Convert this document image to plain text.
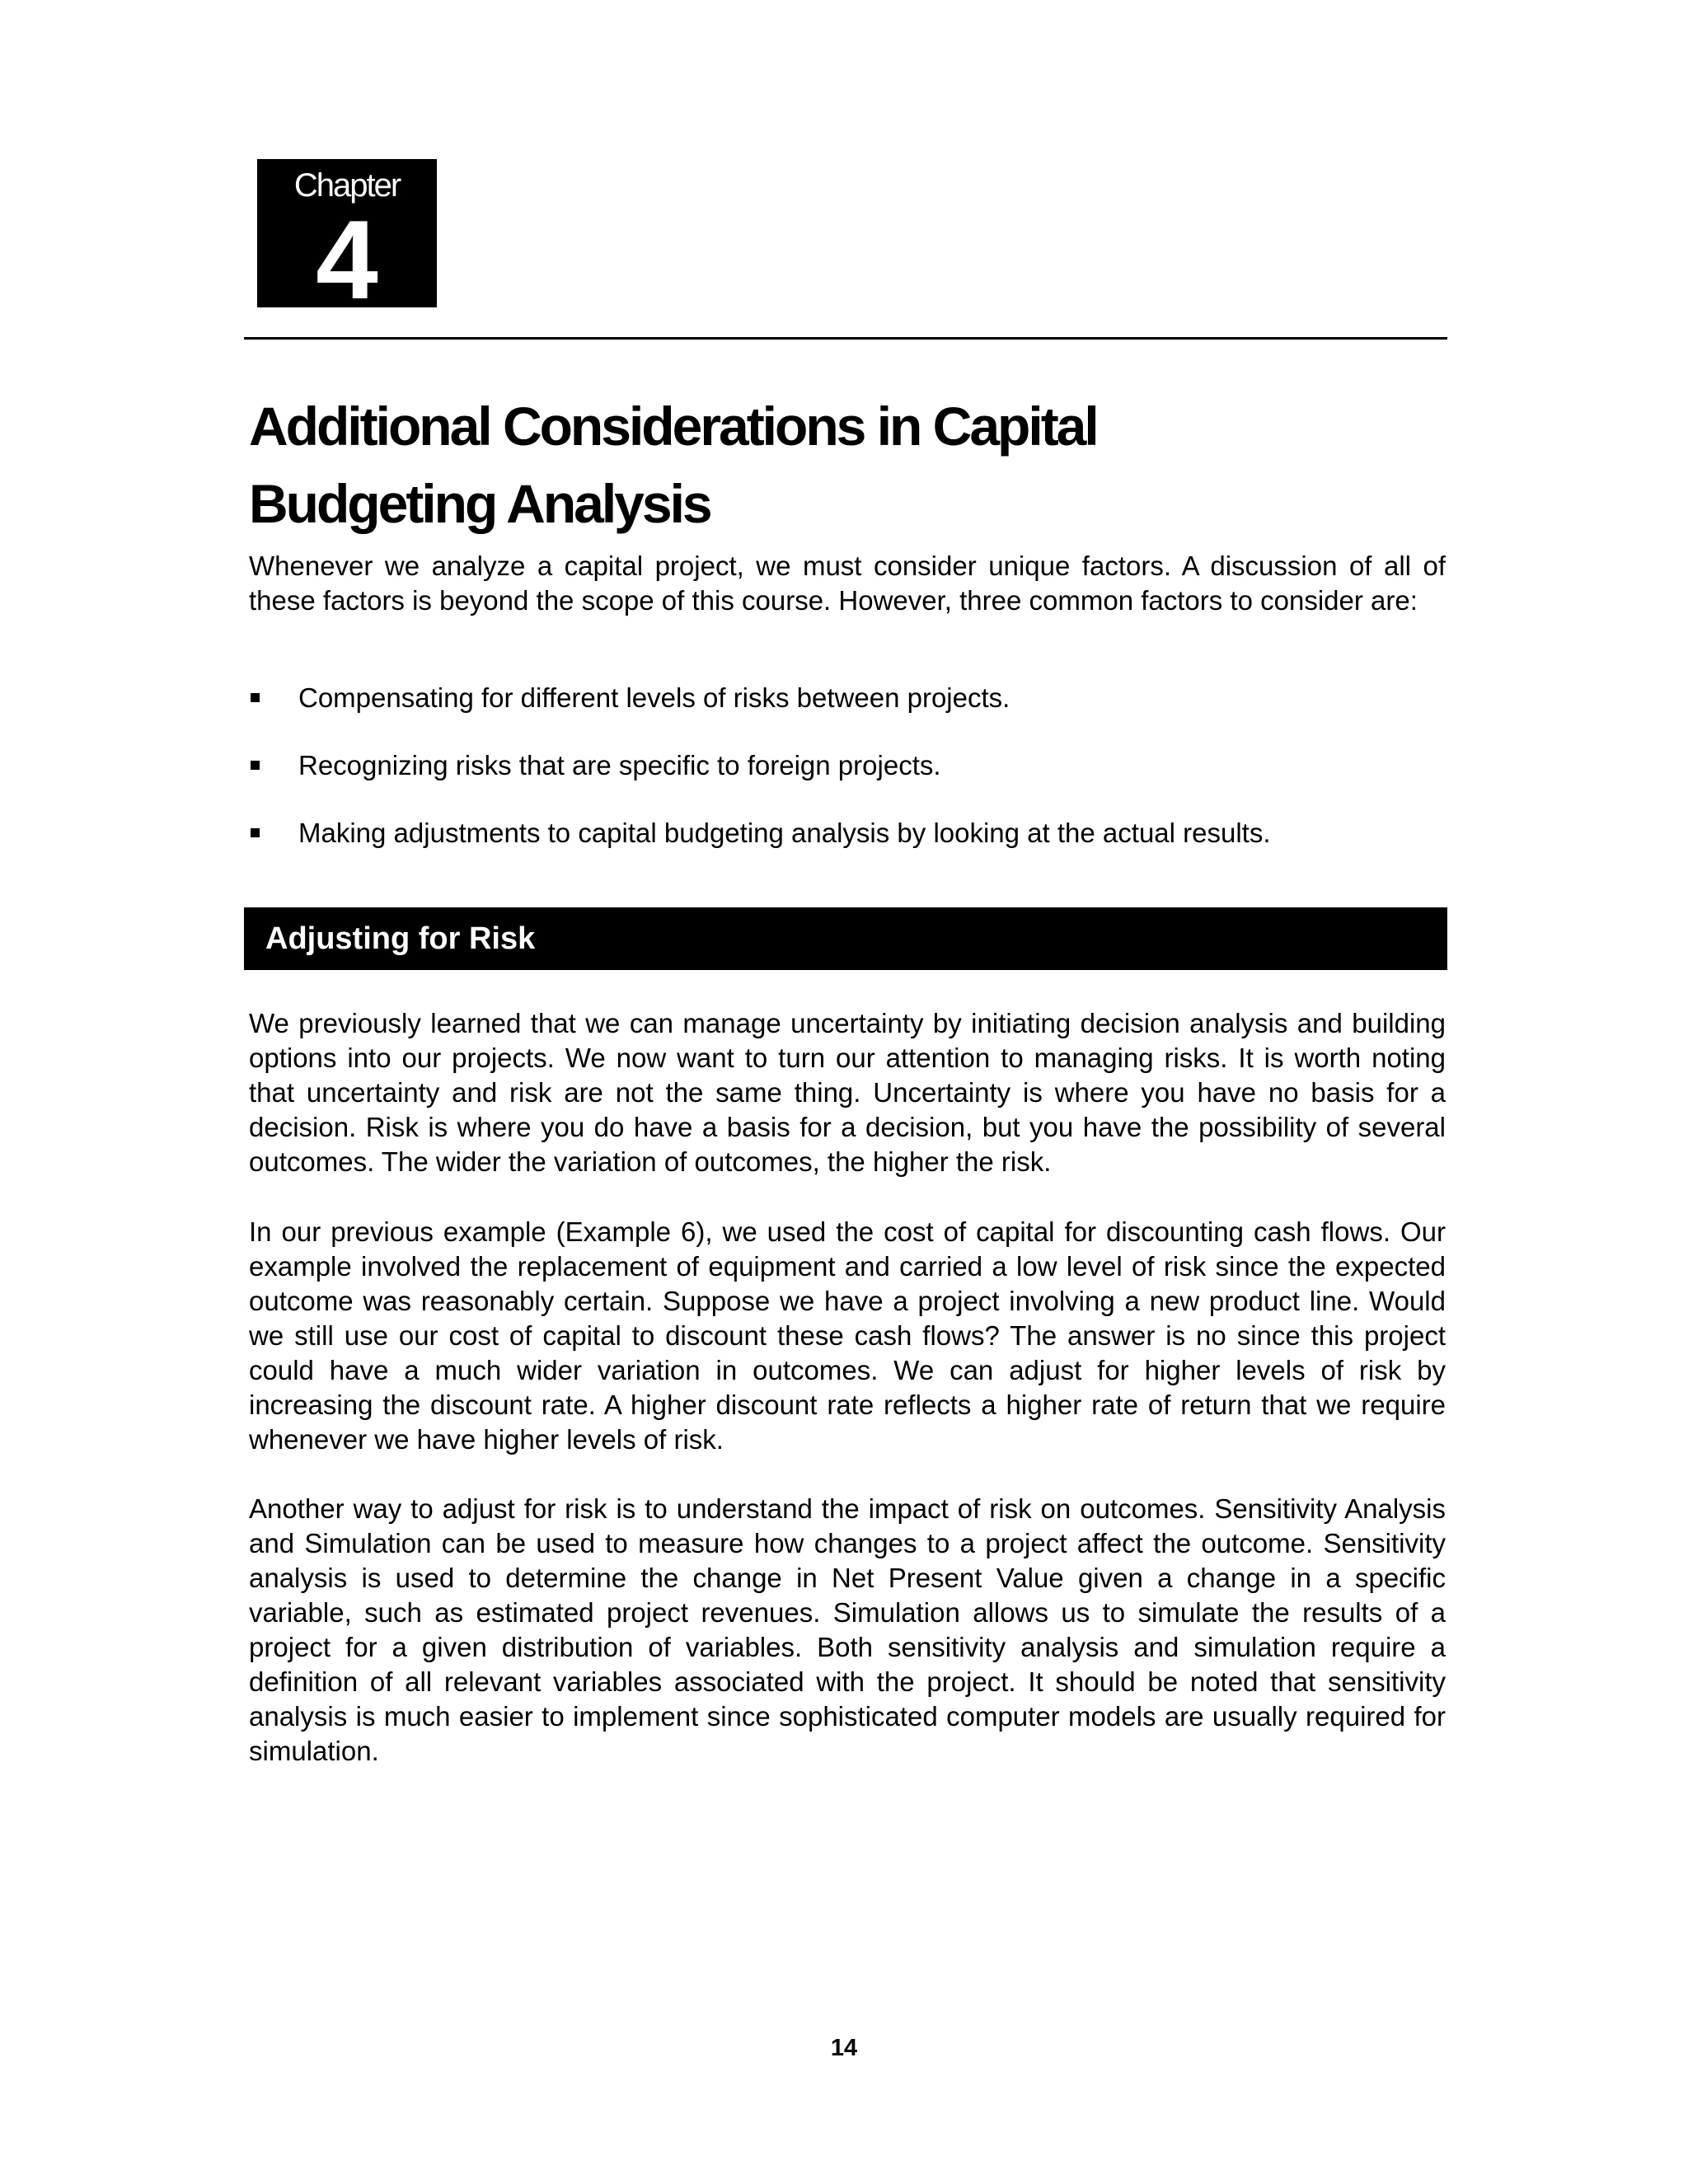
Chapter
4
Additional Considerations in Capital
Budgeting Analysis

Whenever we analyze a capital project, we must consider unique factors. A discussion of all of these factors is beyond the scope of this course. However, three common factors to consider are:

Compensating for different levels of risks between projects.
Recognizing risks that are specific to foreign projects.
Making adjustments to capital budgeting analysis by looking at the actual results.
Adjusting for Risk

We previously learned that we can manage uncertainty by initiating decision analysis and building options into our projects. We now want to turn our attention to managing risks. It is worth noting that uncertainty and risk are not the same thing. Uncertainty is where you have no basis for a decision. Risk is where you do have a basis for a decision, but you have the possibility of several outcomes. The wider the variation of outcomes, the higher the risk.

In our previous example (Example 6), we used the cost of capital for discounting cash flows. Our example involved the replacement of equipment and carried a low level of risk since the expected outcome was reasonably certain. Suppose we have a project involving a new product line. Would we still use our cost of capital to discount these cash flows? The answer is no since this project could have a much wider variation in outcomes. We can adjust for higher levels of risk by increasing the discount rate. A higher discount rate reflects a higher rate of return that we require whenever we have higher levels of risk.

Another way to adjust for risk is to understand the impact of risk on outcomes. Sensitivity Analysis and Simulation can be used to measure how changes to a project affect the outcome. Sensitivity analysis is used to determine the change in Net Present Value given a change in a specific variable, such as estimated project revenues. Simulation allows us to simulate the results of a project for a given distribution of variables. Both sensitivity analysis and simulation require a definition of all relevant variables associated with the project. It should be noted that sensitivity analysis is much easier to implement since sophisticated computer models are usually required for simulation.

14
